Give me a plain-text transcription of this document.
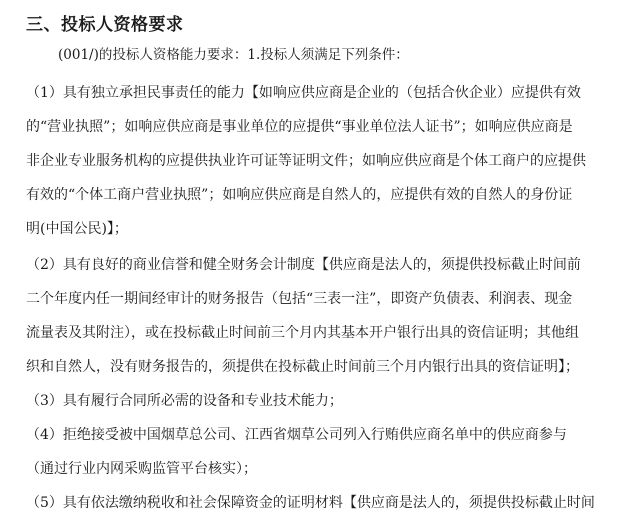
三、投标人资格要求
(001/)的投标人资格能力要求：1.投标人须满足下列条件：
（1）具有独立承担民事责任的能力【如响应供应商是企业的（包括合伙企业）应提供有效
的“营业执照”；如响应供应商是事业单位的应提供“事业单位法人证书”；如响应供应商是
非企业专业服务机构的应提供执业许可证等证明文件；如响应供应商是个体工商户的应提供
有效的“个体工商户营业执照”；如响应供应商是自然人的，应提供有效的自然人的身份证
明(中国公民)】；
（2）具有良好的商业信誉和健全财务会计制度【供应商是法人的，须提供投标截止时间前
二个年度内任一期间经审计的财务报告（包括“三表一注”，即资产负债表、利润表、现金
流量表及其附注），或在投标截止时间前三个月内其基本开户银行出具的资信证明；其他组
织和自然人，没有财务报告的，须提供在投标截止时间前三个月内银行出具的资信证明】；
（3）具有履行合同所必需的设备和专业技术能力；
（4）拒绝接受被中国烟草总公司、江西省烟草公司列入行贿供应商名单中的供应商参与
（通过行业内网采购监管平台核实）；
（5）具有依法缴纳税收和社会保障资金的证明材料【供应商是法人的，须提供投标截止时间
